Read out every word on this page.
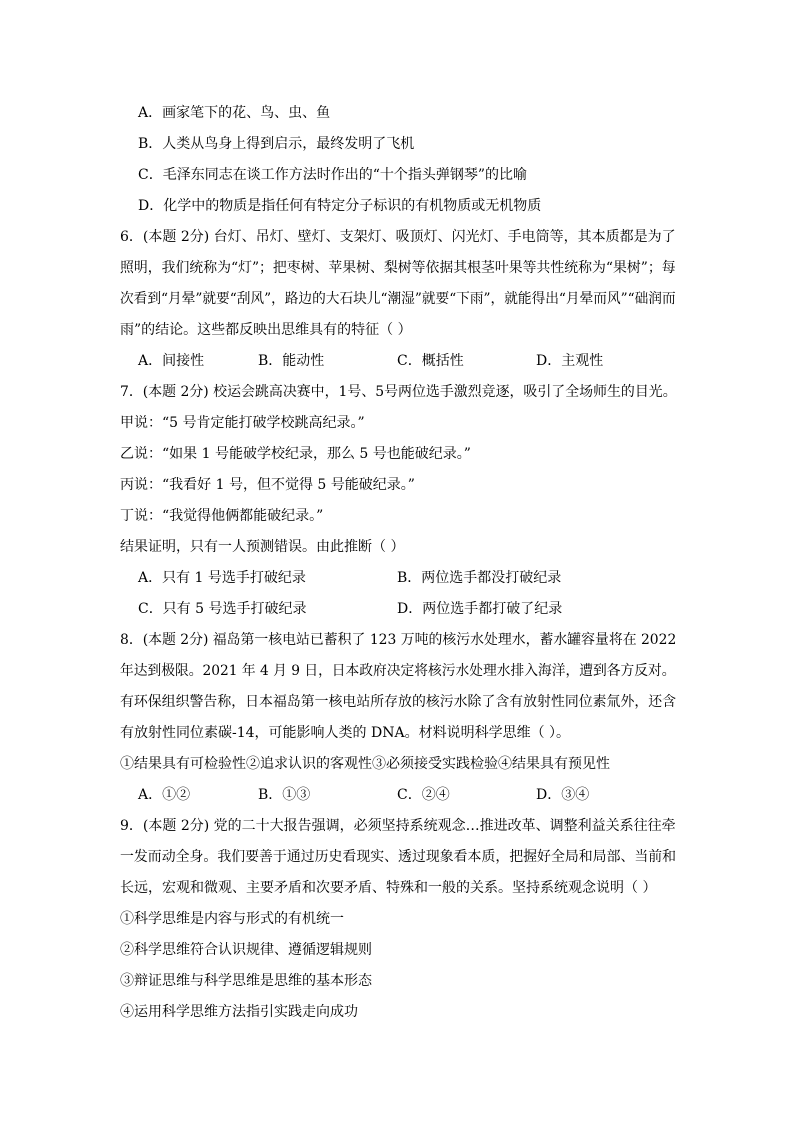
A．画家笔下的花、鸟、虫、鱼
B．人类从鸟身上得到启示，最终发明了飞机
C．毛泽东同志在谈工作方法时作出的“十个指头弹钢琴”的比喻
D．化学中的物质是指任何有特定分子标识的有机物质或无机物质
6．(本题 2分) 台灯、吊灯、壁灯、支架灯、吸顶灯、闪光灯、手电筒等，其本质都是为了
照明，我们统称为“灯”；把枣树、苹果树、梨树等依据其根茎叶果等共性统称为“果树”；每
次看到“月晕”就要“刮风”，路边的大石块儿“潮湿”就要“下雨”，就能得出“月晕而风”“础润而
雨”的结论。这些都反映出思维具有的特征（ ）
A．间接性	B．能动性	C．概括性	D．主观性
7．(本题 2分) 校运会跳高决赛中，1号、5号两位选手激烈竞逐，吸引了全场师生的目光。
甲说：“5 号肯定能打破学校跳高纪录。”
乙说：“如果 1 号能破学校纪录，那么 5 号也能破纪录。”
丙说：“我看好 1 号，但不觉得 5 号能破纪录。”
丁说：“我觉得他俩都能破纪录。”
结果证明，只有一人预测错误。由此推断（ ）
A．只有 1 号选手打破纪录	B．两位选手都没打破纪录
C．只有 5 号选手打破纪录	D．两位选手都打破了纪录
8．(本题 2分) 福岛第一核电站已蓄积了 123 万吨的核污水处理水，蓄水罐容量将在 2022
年达到极限。2021 年 4 月 9 日，日本政府决定将核污水处理水排入海洋，遭到各方反对。
有环保组织警告称，日本福岛第一核电站所存放的核污水除了含有放射性同位素氚外，还含
有放射性同位素碳-14，可能影响人类的 DNA。材料说明科学思维（ ）。
①结果具有可检验性②追求认识的客观性③必须接受实践检验④结果具有预见性
A．①②	B．①③	C．②④	D．③④
9．(本题 2分) 党的二十大报告强调，必须坚持系统观念…推进改革、调整利益关系往往牵
一发而动全身。我们要善于通过历史看现实、透过现象看本质，把握好全局和局部、当前和
长远，宏观和微观、主要矛盾和次要矛盾、特殊和一般的关系。坚持系统观念说明（ ）
①科学思维是内容与形式的有机统一
②科学思维符合认识规律、遵循逻辑规则
③辩证思维与科学思维是思维的基本形态
④运用科学思维方法指引实践走向成功
